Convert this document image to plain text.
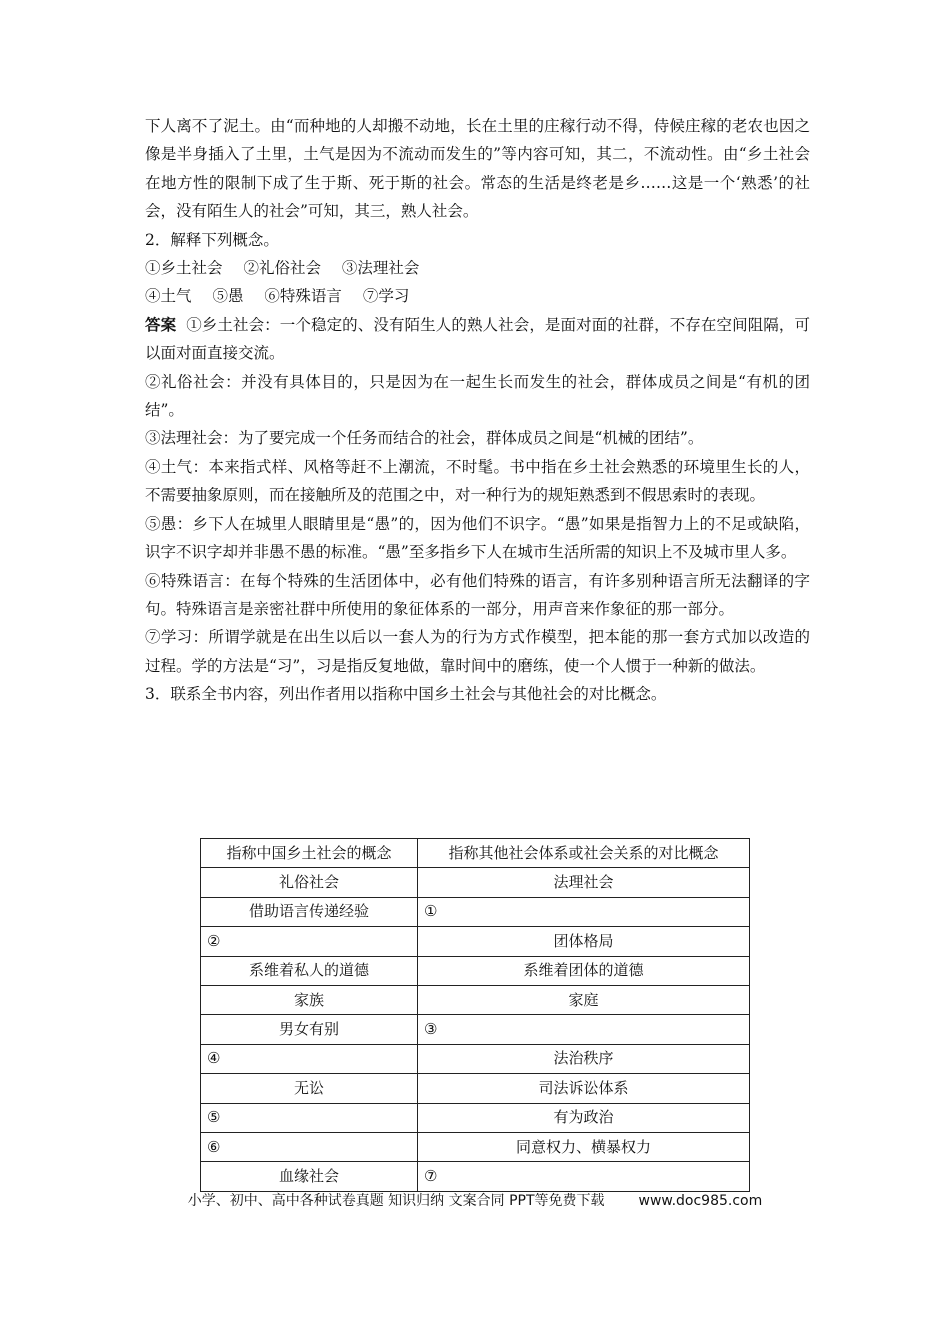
下人离不了泥土。由“而种地的人却搬不动地，长在土里的庄稼行动不得，侍候庄稼的老农也因之像是半身插入了土里，土气是因为不流动而发生的”等内容可知，其二，不流动性。由“乡土社会在地方性的限制下成了生于斯、死于斯的社会。常态的生活是终老是乡……这是一个‘熟悉’的社会，没有陌生人的社会”可知，其三，熟人社会。

2．解释下列概念。

①乡土社会 ②礼俗社会 ③法理社会

④土气 ⑤愚 ⑥特殊语言 ⑦学习

答案 ①乡土社会：一个稳定的、没有陌生人的熟人社会，是面对面的社群，不存在空间阻隔，可以面对面直接交流。

②礼俗社会：并没有具体目的，只是因为在一起生长而发生的社会，群体成员之间是“有机的团结”。

③法理社会：为了要完成一个任务而结合的社会，群体成员之间是“机械的团结”。

④土气：本来指式样、风格等赶不上潮流，不时髦。书中指在乡土社会熟悉的环境里生长的人，不需要抽象原则，而在接触所及的范围之中，对一种行为的规矩熟悉到不假思索时的表现。

⑤愚：乡下人在城里人眼睛里是“愚”的，因为他们不识字。“愚”如果是指智力上的不足或缺陷，识字不识字却并非愚不愚的标准。“愚”至多指乡下人在城市生活所需的知识上不及城市里人多。

⑥特殊语言：在每个特殊的生活团体中，必有他们特殊的语言，有许多别种语言所无法翻译的字句。特殊语言是亲密社群中所使用的象征体系的一部分，用声音来作象征的那一部分。

⑦学习：所谓学就是在出生以后以一套人为的行为方式作模型，把本能的那一套方式加以改造的过程。学的方法是“习”，习是指反复地做，靠时间中的磨练，使一个人惯于一种新的做法。

3．联系全书内容，列出作者用以指称中国乡土社会与其他社会的对比概念。

指称中国乡土社会的概念	指称其他社会体系或社会关系的对比概念
礼俗社会	法理社会
借助语言传递经验	①
②	团体格局
系维着私人的道德	系维着团体的道德
家族	家庭
男女有别	③
④	法治秩序
无讼	司法诉讼体系
⑤	有为政治
⑥	同意权力、横暴权力
血缘社会	⑦
小学、初中、高中各种试卷真题 知识归纳 文案合同 PPT等免费下载 www.doc985.com
